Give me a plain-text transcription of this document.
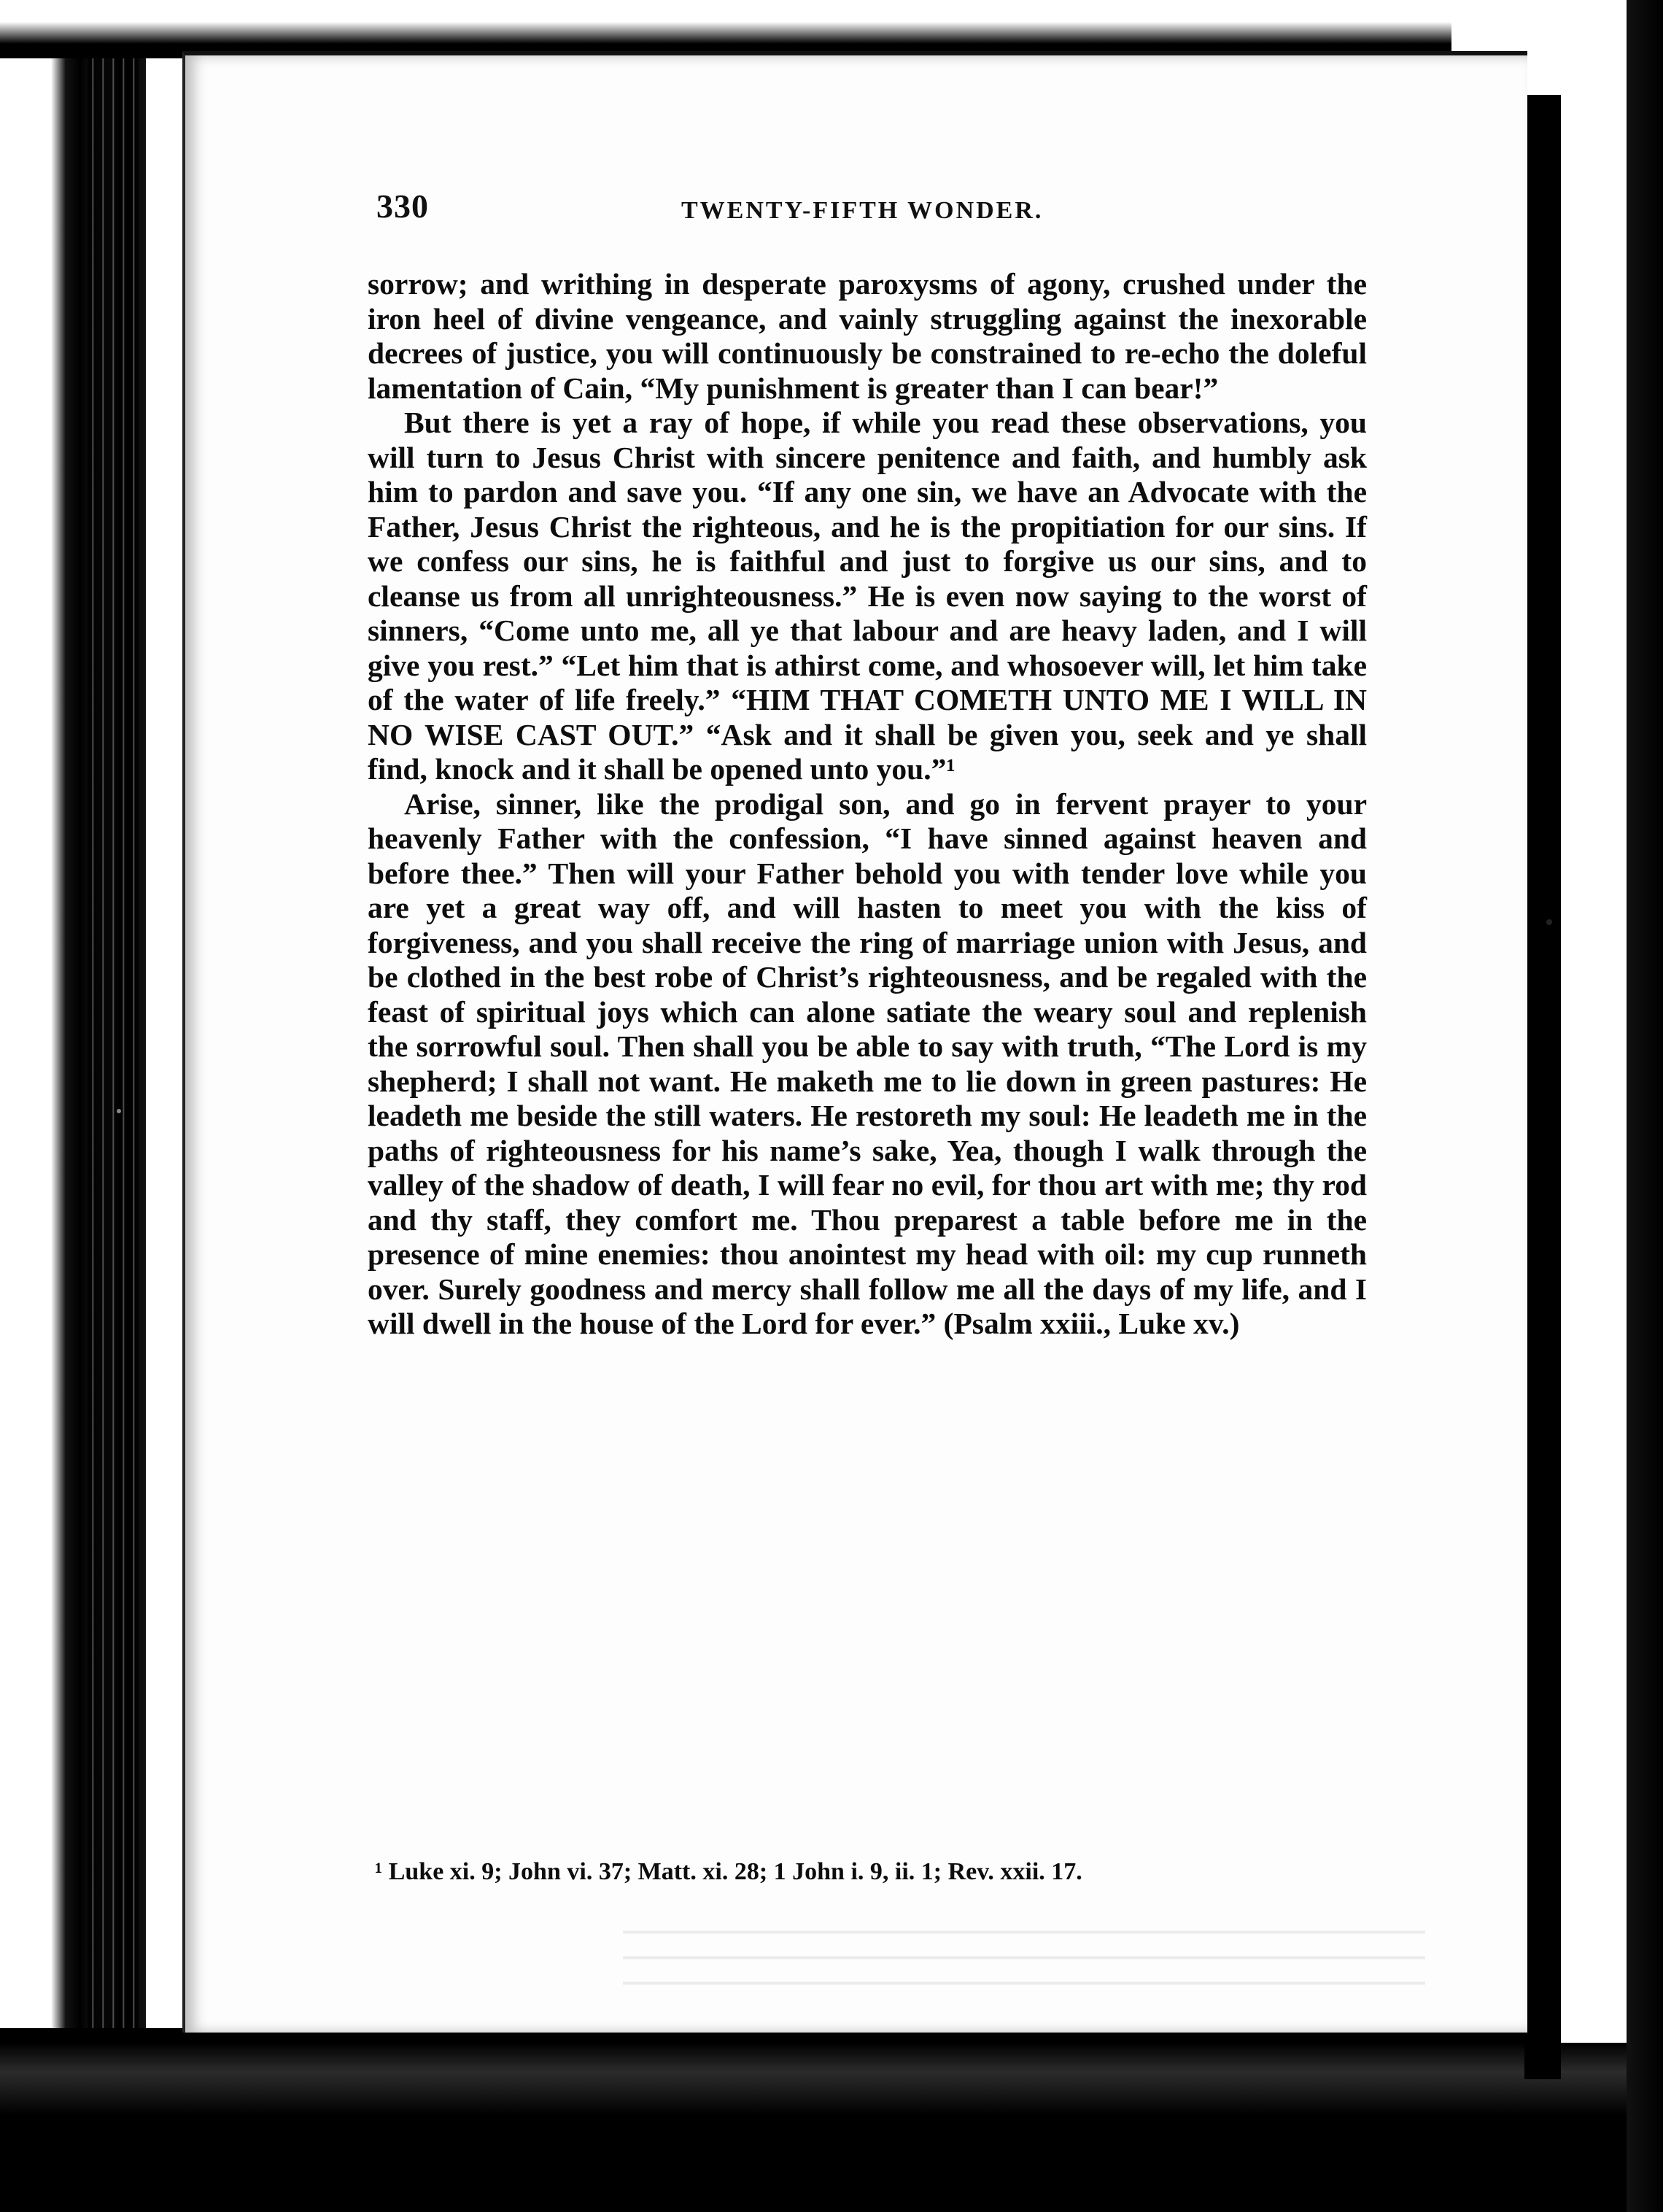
330	TWENTY-FIFTH WONDER.

sorrow; and writhing in desperate paroxysms of agony, crushed under the iron heel of divine vengeance, and vainly struggling against the inexorable decrees of justice, you will continuously be constrained to re-echo the doleful lamentation of Cain, “My punishment is greater than I can bear!”

But there is yet a ray of hope, if while you read these observations, you will turn to Jesus Christ with sincere penitence and faith, and humbly ask him to pardon and save you. “If any one sin, we have an Advocate with the Father, Jesus Christ the righteous, and he is the propitiation for our sins. If we confess our sins, he is faithful and just to forgive us our sins, and to cleanse us from all unrighteousness.” He is even now saying to the worst of sinners, “Come unto me, all ye that labour and are heavy laden, and I will give you rest.” “Let him that is athirst come, and whosoever will, let him take of the water of life freely.” “HIM THAT COMETH UNTO ME I WILL IN NO WISE CAST OUT.” “Ask and it shall be given you, seek and ye shall find, knock and it shall be opened unto you.”¹

Arise, sinner, like the prodigal son, and go in fervent prayer to your heavenly Father with the confession, “I have sinned against heaven and before thee.” Then will your Father behold you with tender love while you are yet a great way off, and will hasten to meet you with the kiss of forgiveness, and you shall receive the ring of marriage union with Jesus, and be clothed in the best robe of Christ’s righteousness, and be regaled with the feast of spiritual joys which can alone satiate the weary soul and replenish the sorrowful soul. Then shall you be able to say with truth, “The Lord is my shepherd; I shall not want. He maketh me to lie down in green pastures: He leadeth me beside the still waters. He restoreth my soul: He leadeth me in the paths of righteousness for his name’s sake, Yea, though I walk through the valley of the shadow of death, I will fear no evil, for thou art with me; thy rod and thy staff, they comfort me. Thou preparest a table before me in the presence of mine enemies: thou anointest my head with oil: my cup runneth over. Surely goodness and mercy shall follow me all the days of my life, and I will dwell in the house of the Lord for ever.” (Psalm xxiii., Luke xv.)

¹ Luke xi. 9; John vi. 37; Matt. xi. 28; 1 John i. 9, ii. 1; Rev. xxii. 17.
